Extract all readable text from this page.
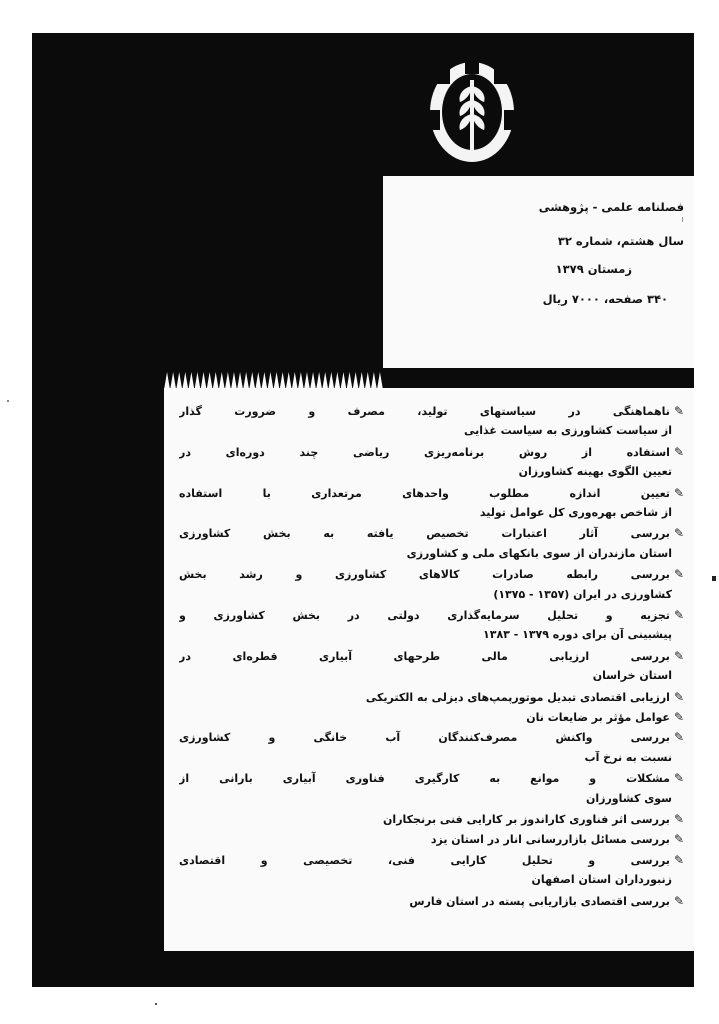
فصلنامه علمی - پژوهشی
سال هشتم، شماره ۳۲
زمستان ۱۳۷۹
۳۴۰ صفحه، ۷۰۰۰ ریال
✎ناهماهنگی در سیاستهای تولید، مصرف و ضرورت گذار
از سیاست کشاورزی به سیاست غذایی
✎استفاده از روش برنامه‌ریزی ریاضی چند دوره‌ای در
تعیین الگوی بهینه کشاورزان
✎تعیین اندازه مطلوب واحدهای مرتعداری با استفاده
از شاخص بهره‌وری کل عوامل تولید
✎بررسی آثار اعتبارات تخصیص یافته به بخش کشاورزی
استان مازندران از سوی بانکهای ملی و کشاورزی
✎بررسی رابطه صادرات کالاهای کشاورزی و رشد بخش
کشاورزی در ایران (۱۳۵۷ - ۱۳۷۵)
✎تجزیه و تحلیل سرمایه‌گذاری دولتی در بخش کشاورزی و
پیشبینی آن برای دوره ۱۳۷۹ - ۱۳۸۳
✎بررسی ارزیابی مالی طرحهای آبیاری قطره‌ای در
استان خراسان
✎ارزیابی اقتصادی تبدیل موتورپمپ‌های دیزلی به الکتریکی
✎عوامل مؤثر بر ضایعات نان
✎بررسی واکنش مصرف‌کنندگان آب خانگی و کشاورزی
نسبت به نرخ آب
✎مشکلات و موانع به کارگیری فناوری آبیاری بارانی از
سوی کشاورزان
✎بررسی اثر فناوری کاراندوز بر کارایی فنی برنجکاران
✎بررسی مسائل بازاررسانی انار در استان یزد
✎بررسی و تحلیل کارایی فنی، تخصیصی و اقتصادی
زنبورداران استان اصفهان
✎بررسی اقتصادی بازاریابی پسته در استان فارس
